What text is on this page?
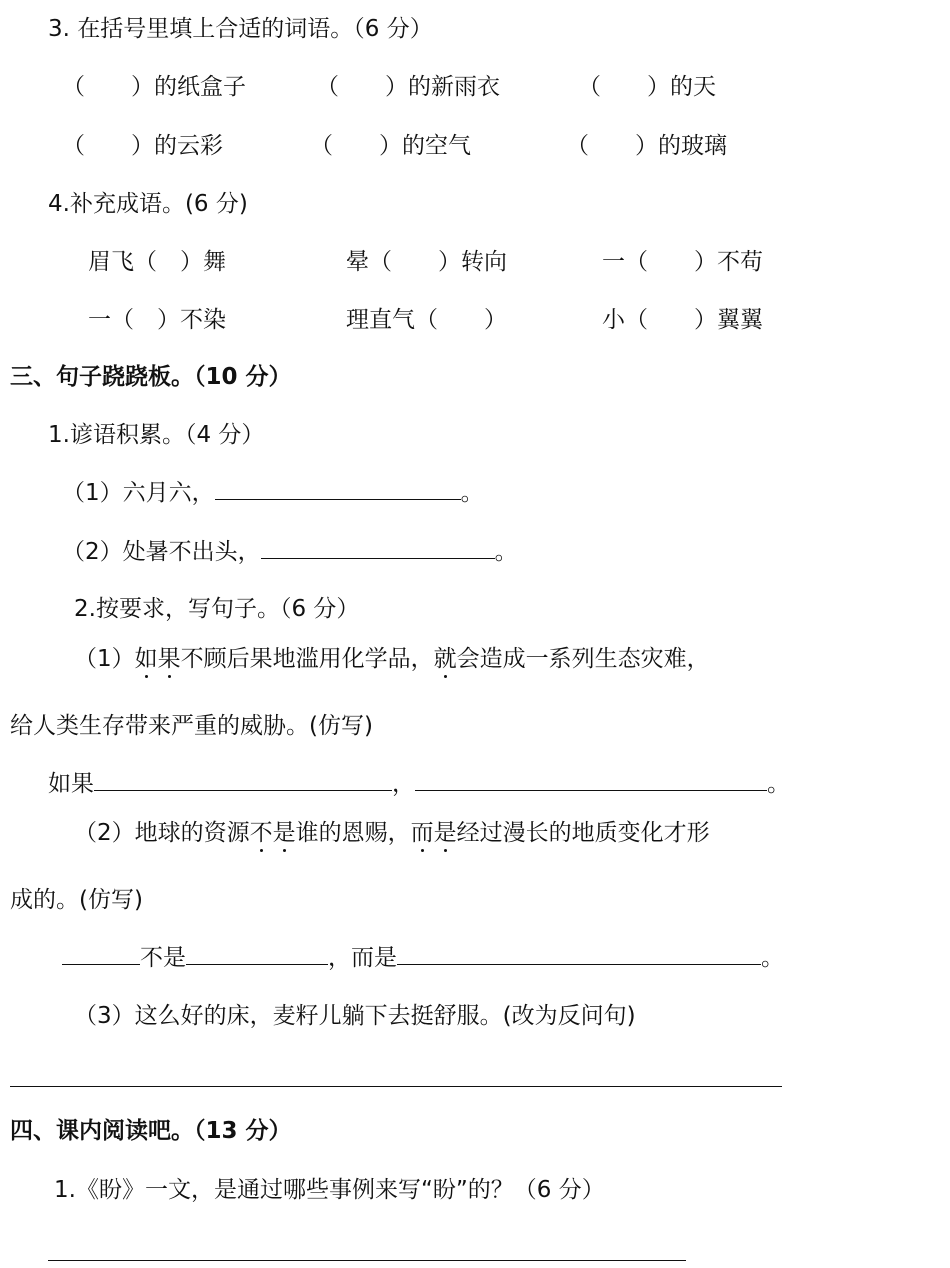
3. 在括号里填上合适的词语。（6 分）
（　　）的纸盒子	（　　）的新雨衣	（　　）的天
（　　）的云彩	（　　）的空气	（　　）的玻璃
4.补充成语。(6 分)
眉飞（　）舞	晕（　　）转向	一（　　）不苟
一（　）不染	理直气（　　）	小（　　）翼翼
三、句子跷跷板。（10 分）
1.谚语积累。（4 分）
（1）六月六，	。
（2）处暑不出头，	。
2.按要求，写句子。（6 分）
（1）如果不顾后果地滥用化学品，就会造成一系列生态灾难，
给人类生存带来严重的威胁。(仿写)
如果	，	。
（2）地球的资源不是谁的恩赐，而是经过漫长的地质变化才形
成的。(仿写)
不是	，而是	。
（3）这么好的床，麦籽儿躺下去挺舒服。(改为反问句)
四、课内阅读吧。（13 分）
1.《盼》一文，是通过哪些事例来写“盼”的？（6 分）
